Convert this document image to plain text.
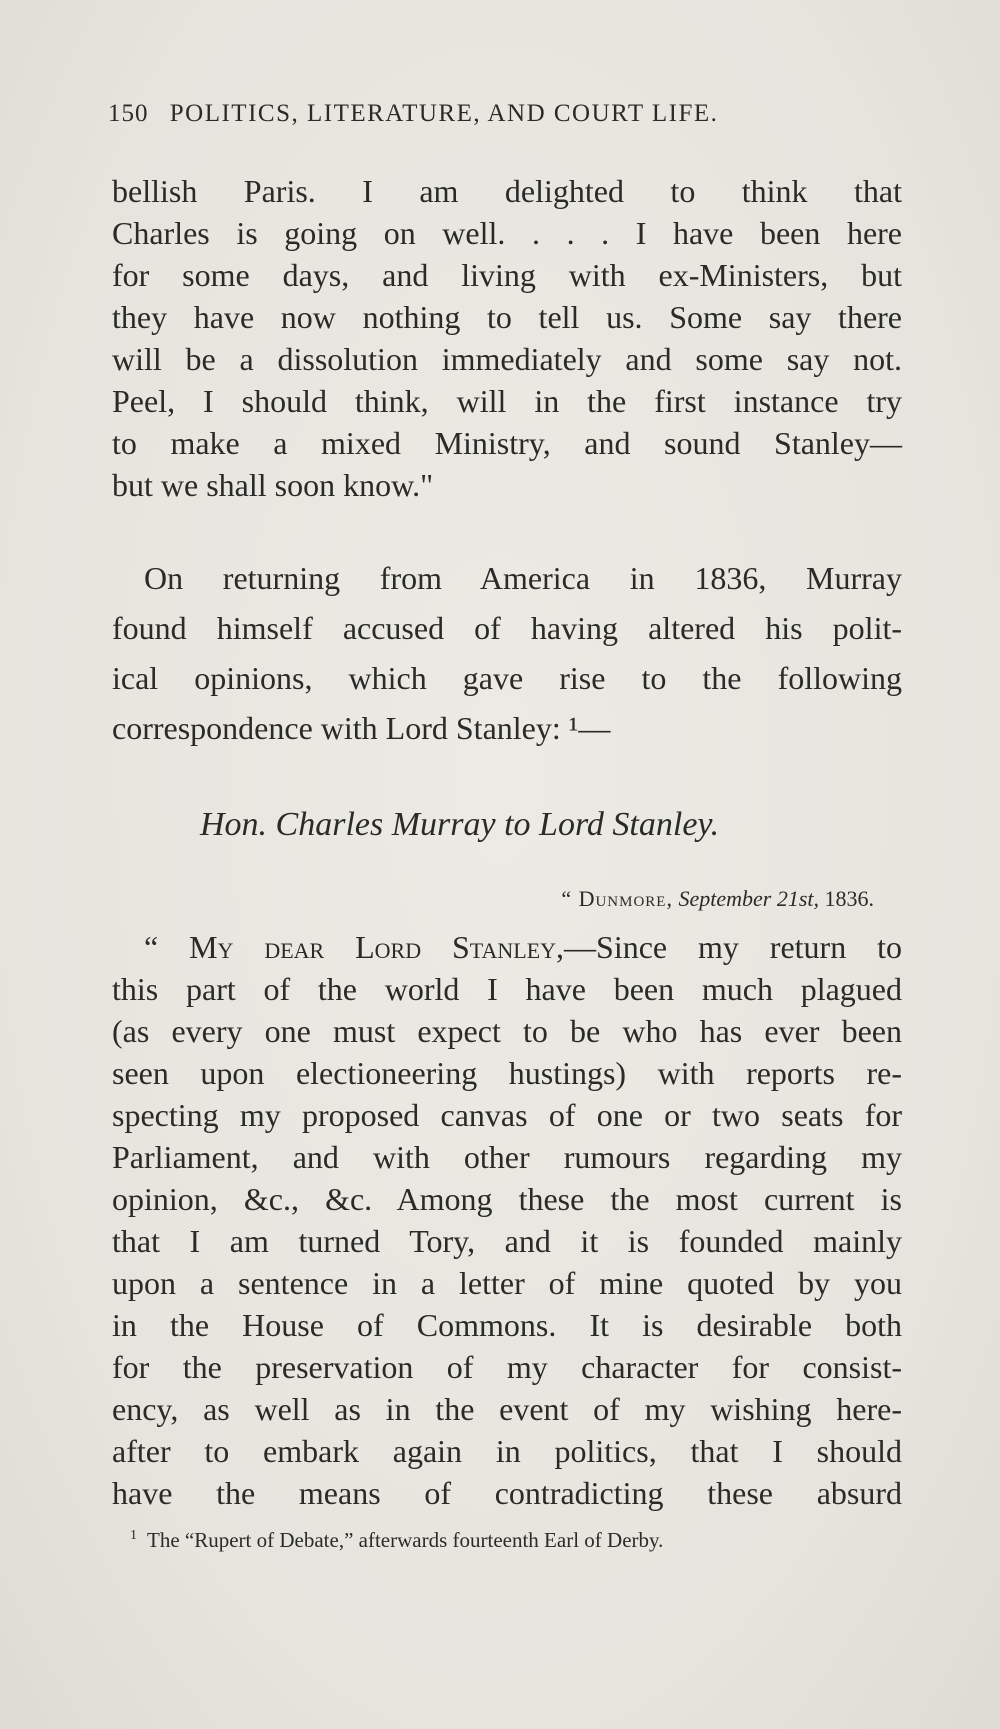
150 POLITICS, LITERATURE, AND COURT LIFE.
bellish Paris. I am delighted to think that
Charles is going on well. . . . I have been here
for some days, and living with ex-Ministers, but
they have now nothing to tell us. Some say there
will be a dissolution immediately and some say not.
Peel, I should think, will in the first instance try
to make a mixed Ministry, and sound Stanley—
but we shall soon know."
On returning from America in 1836, Murray
found himself accused of having altered his polit-
ical opinions, which gave rise to the following
correspondence with Lord Stanley: ¹—
Hon. Charles Murray to Lord Stanley.
“ Dunmore, September 21st, 1836.
“ My dear Lord Stanley,—Since my return to
this part of the world I have been much plagued
(as every one must expect to be who has ever been
seen upon electioneering hustings) with reports re-
specting my proposed canvas of one or two seats for
Parliament, and with other rumours regarding my
opinion, &c., &c. Among these the most current is
that I am turned Tory, and it is founded mainly
upon a sentence in a letter of mine quoted by you
in the House of Commons. It is desirable both
for the preservation of my character for consist-
ency, as well as in the event of my wishing here-
after to embark again in politics, that I should
have the means of contradicting these absurd
$^1$ The “Rupert of Debate,” afterwards fourteenth Earl of Derby.
